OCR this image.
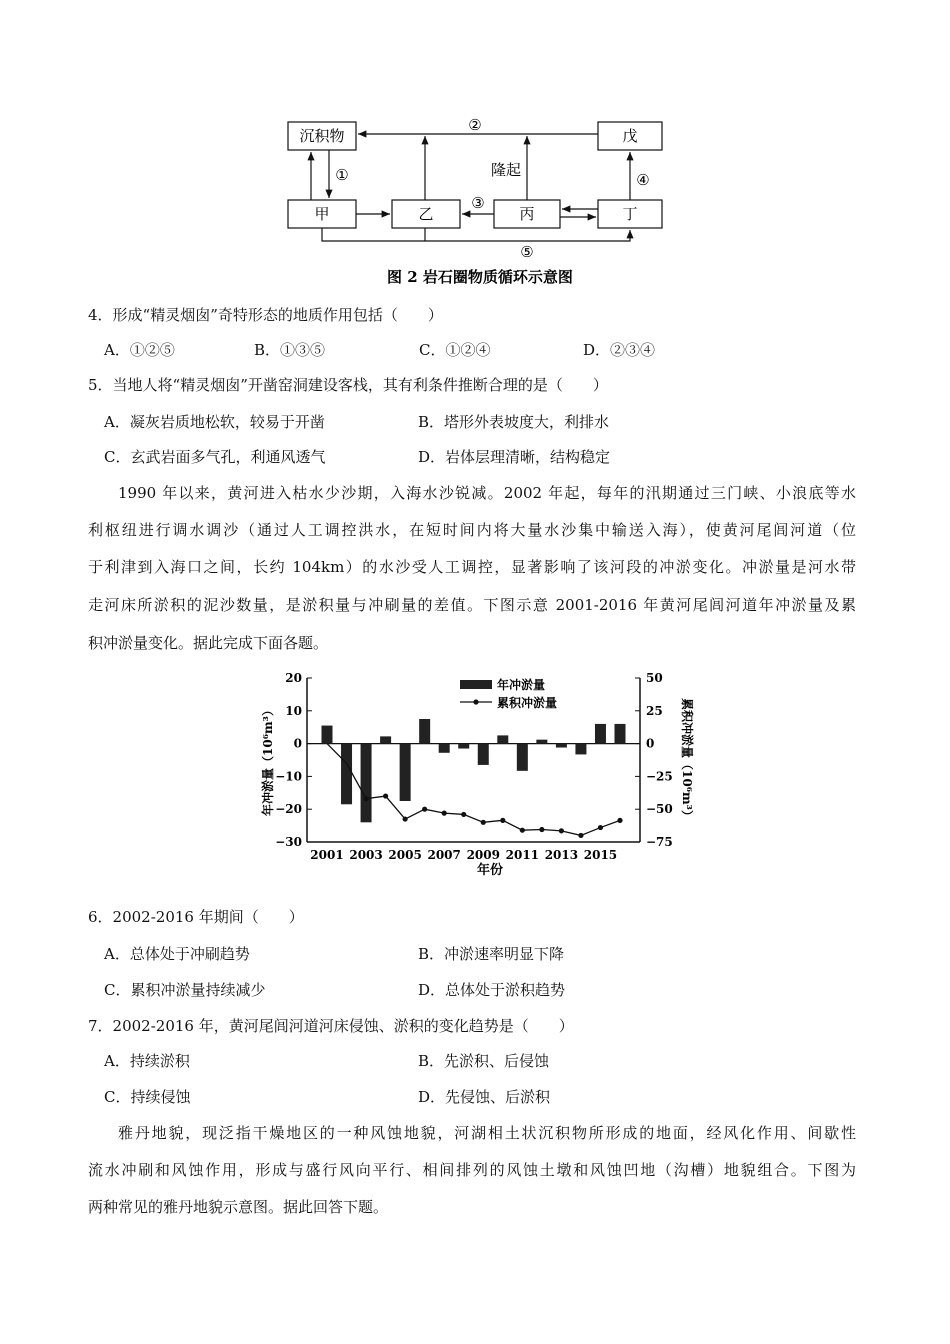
沉积物	戊
甲	乙	丙	丁
②
①
③
④
⑤
隆起
图 2 岩石圈物质循环示意图
4．形成“精灵烟囱”奇特形态的地质作用包括（　　）
A．①②⑤	B．①③⑤	C．①②④	D．②③④
5．当地人将“精灵烟囱”开凿窑洞建设客栈，其有利条件推断合理的是（　　）
A．凝灰岩质地松软，较易于开凿	B．塔形外表坡度大，利排水
C．玄武岩面多气孔，利通风透气	D．岩体层理清晰，结构稳定
1990 年以来，黄河进入枯水少沙期，入海水沙锐减。2002 年起，每年的汛期通过三门峡、小浪底等水
利枢纽进行调水调沙（通过人工调控洪水，在短时间内将大量水沙集中输送入海），使黄河尾闾河道（位
于利津到入海口之间，长约 104km）的水沙受人工调控，显著影响了该河段的冲淤变化。冲淤量是河水带
走河床所淤积的泥沙数量，是淤积量与冲刷量的差值。下图示意 2001-2016 年黄河尾闾河道年冲淤量及累
积冲淤量变化。据此完成下面各题。
20
10
0
−10
−20
−30
50
25
0
−25
−50
−75
2001 2003 2005 2007 2009 2011 2013 2015
年冲淤量
累积冲淤量
年份
年冲淤量（10⁶m³）	累积冲淤量（10⁶m³）
6．2002-2016 年期间（　　）
A．总体处于冲刷趋势	B．冲淤速率明显下降
C．累积冲淤量持续减少	D．总体处于淤积趋势
7．2002-2016 年，黄河尾闾河道河床侵蚀、淤积的变化趋势是（　　）
A．持续淤积	B．先淤积、后侵蚀
C．持续侵蚀	D．先侵蚀、后淤积
雅丹地貌，现泛指干燥地区的一种风蚀地貌，河湖相土状沉积物所形成的地面，经风化作用、间歇性
流水冲刷和风蚀作用，形成与盛行风向平行、相间排列的风蚀土墩和风蚀凹地（沟槽）地貌组合。下图为
两种常见的雅丹地貌示意图。据此回答下题。
